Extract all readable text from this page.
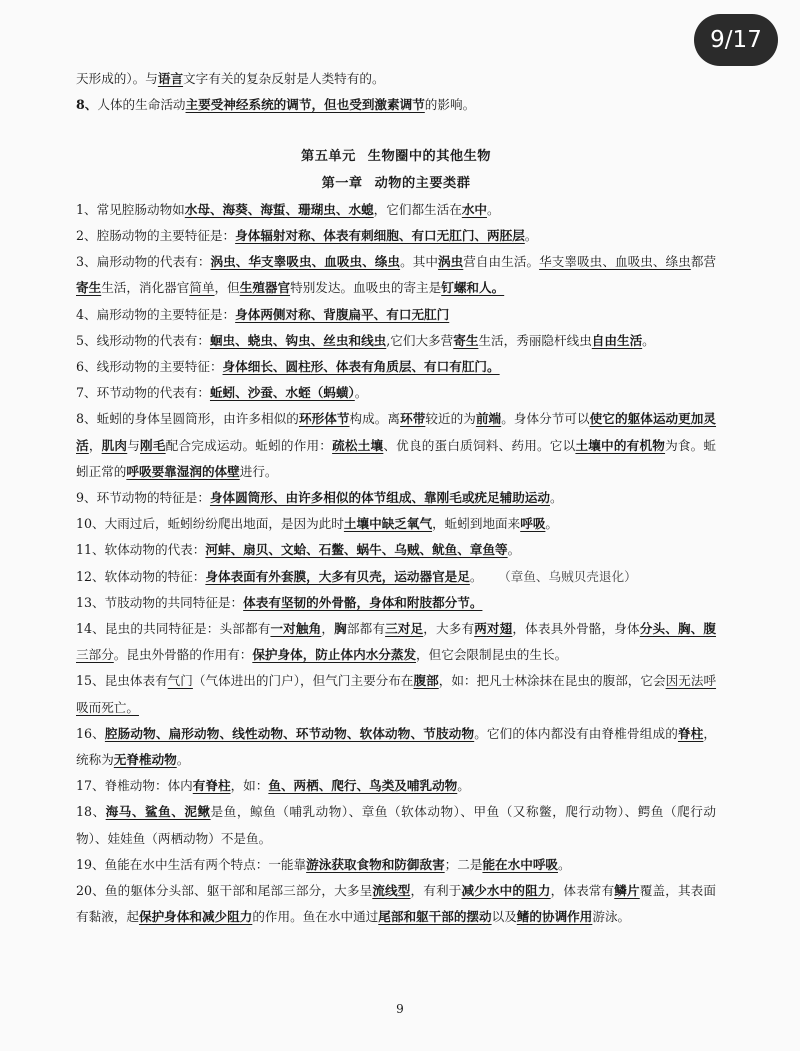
9/17

天形成的）。与语言文字有关的复杂反射是人类特有的。

8、人体的生命活动主要受神经系统的调节，但也受到激素调节的影响。

第五单元 生物圈中的其他生物

第一章 动物的主要类群

1、常见腔肠动物如水母、海葵、海蜇、珊瑚虫、水螅，它们都生活在水中。

2、腔肠动物的主要特征是：身体辐射对称、体表有刺细胞、有口无肛门、两胚层。

3、扁形动物的代表有：涡虫、华支睾吸虫、血吸虫、绦虫。其中涡虫营自由生活。华支睾吸虫、血吸虫、绦虫都营寄生生活，消化器官简单，但生殖器官特别发达。血吸虫的寄主是钉螺和人。

4、扁形动物的主要特征是：身体两侧对称、背腹扁平、有口无肛门

5、线形动物的代表有：蛔虫、蛲虫、钩虫、丝虫和线虫,它们大多营寄生生活，秀丽隐杆线虫自由生活。

6、线形动物的主要特征：身体细长、圆柱形、体表有角质层、有口有肛门。

7、环节动物的代表有：蚯蚓、沙蚕、水蛭（蚂蟥）。

8、蚯蚓的身体呈圆筒形，由许多相似的环形体节构成。离环带较近的为前端。身体分节可以使它的躯体运动更加灵活，肌肉与刚毛配合完成运动。蚯蚓的作用：疏松土壤、优良的蛋白质饲料、药用。它以土壤中的有机物为食。蚯蚓正常的呼吸要靠湿润的体壁进行。

9、环节动物的特征是：身体圆筒形、由许多相似的体节组成、靠刚毛或疣足辅助运动。

10、大雨过后，蚯蚓纷纷爬出地面，是因为此时土壤中缺乏氧气，蚯蚓到地面来呼吸。

11、软体动物的代表：河蚌、扇贝、文蛤、石鳖、蜗牛、乌贼、鱿鱼、章鱼等。

12、软体动物的特征：身体表面有外套膜，大多有贝壳，运动器官是足。 （章鱼、乌贼贝壳退化）

13、节肢动物的共同特征是：体表有坚韧的外骨骼，身体和附肢都分节。

14、昆虫的共同特征是：头部都有一对触角，胸部都有三对足，大多有两对翅，体表具外骨骼，身体分头、胸、腹三部分。昆虫外骨骼的作用有：保护身体，防止体内水分蒸发，但它会限制昆虫的生长。

15、昆虫体表有气门（气体进出的门户），但气门主要分布在腹部，如：把凡士林涂抹在昆虫的腹部，它会因无法呼吸而死亡。

16、腔肠动物、扁形动物、线性动物、环节动物、软体动物、节肢动物。它们的体内都没有由脊椎骨组成的脊柱，统称为无脊椎动物。

17、脊椎动物：体内有脊柱，如：鱼、两栖、爬行、鸟类及哺乳动物。

18、海马、鲨鱼、泥鳅是鱼，鲸鱼（哺乳动物）、章鱼（软体动物）、甲鱼（又称鳖，爬行动物）、鳄鱼（爬行动物）、娃娃鱼（两栖动物）不是鱼。

19、鱼能在水中生活有两个特点：一能靠游泳获取食物和防御敌害；二是能在水中呼吸。

20、鱼的躯体分头部、躯干部和尾部三部分，大多呈流线型，有利于减少水中的阻力，体表常有鳞片覆盖，其表面有黏液，起保护身体和减少阻力的作用。鱼在水中通过尾部和躯干部的摆动以及鳍的协调作用游泳。

9
